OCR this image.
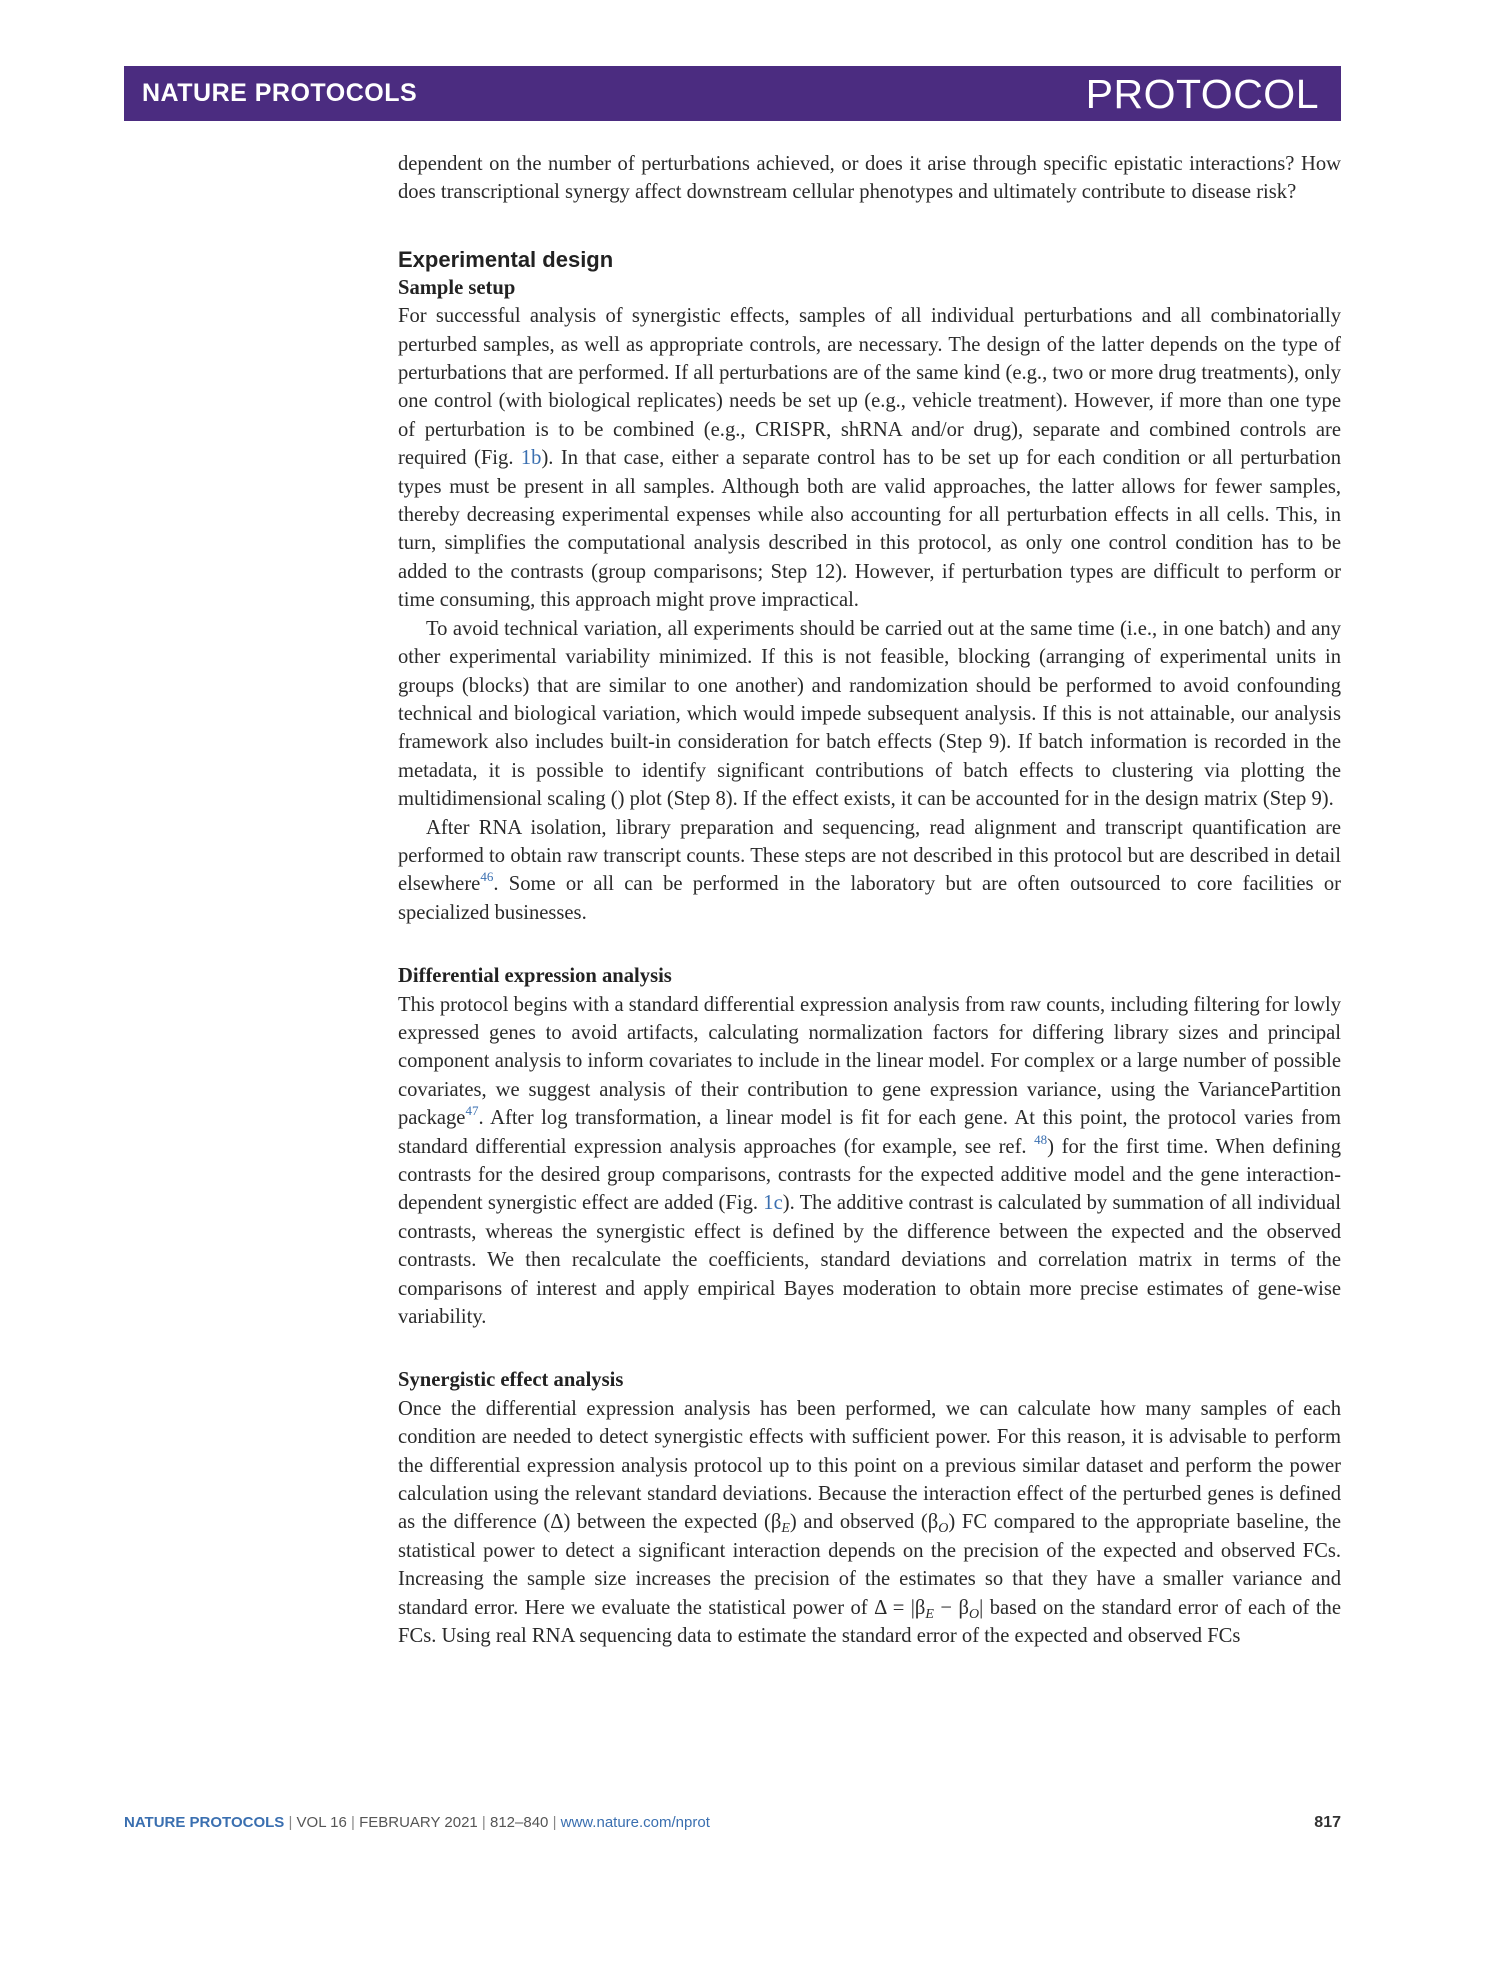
NATURE PROTOCOLS	PROTOCOL

dependent on the number of perturbations achieved, or does it arise through specific epistatic interactions? How does transcriptional synergy affect downstream cellular phenotypes and ultimately contribute to disease risk?

Experimental design
Sample setup

For successful analysis of synergistic effects, samples of all individual perturbations and all combinatorially perturbed samples, as well as appropriate controls, are necessary. The design of the latter depends on the type of perturbations that are performed. If all perturbations are of the same kind (e.g., two or more drug treatments), only one control (with biological replicates) needs be set up (e.g., vehicle treatment). However, if more than one type of perturbation is to be combined (e.g., CRISPR, shRNA and/or drug), separate and combined controls are required (Fig. 1b). In that case, either a separate control has to be set up for each condition or all perturbation types must be present in all samples. Although both are valid approaches, the latter allows for fewer samples, thereby decreasing experimental expenses while also accounting for all perturbation effects in all cells. This, in turn, simplifies the computational analysis described in this protocol, as only one control condition has to be added to the contrasts (group comparisons; Step 12). However, if perturbation types are difficult to perform or time consuming, this approach might prove impractical.

To avoid technical variation, all experiments should be carried out at the same time (i.e., in one batch) and any other experimental variability minimized. If this is not feasible, blocking (arranging of experimental units in groups (blocks) that are similar to one another) and randomization should be performed to avoid confounding technical and biological variation, which would impede subsequent analysis. If this is not attainable, our analysis framework also includes built-in consideration for batch effects (Step 9). If batch information is recorded in the metadata, it is possible to identify significant contributions of batch effects to clustering via plotting the multidimensional scaling () plot (Step 8). If the effect exists, it can be accounted for in the design matrix (Step 9).

After RNA isolation, library preparation and sequencing, read alignment and transcript quantification are performed to obtain raw transcript counts. These steps are not described in this protocol but are described in detail elsewhere$^{46}$. Some or all can be performed in the laboratory but are often outsourced to core facilities or specialized businesses.

Differential expression analysis

This protocol begins with a standard differential expression analysis from raw counts, including filtering for lowly expressed genes to avoid artifacts, calculating normalization factors for differing library sizes and principal component analysis to inform covariates to include in the linear model. For complex or a large number of possible covariates, we suggest analysis of their contribution to gene expression variance, using the VariancePartition package$^{47}$. After log transformation, a linear model is fit for each gene. At this point, the protocol varies from standard differential expression analysis approaches (for example, see ref. $^{48}$) for the first time. When defining contrasts for the desired group comparisons, contrasts for the expected additive model and the gene interaction-dependent synergistic effect are added (Fig. 1c). The additive contrast is calculated by summation of all individual contrasts, whereas the synergistic effect is defined by the difference between the expected and the observed contrasts. We then recalculate the coefficients, standard deviations and correlation matrix in terms of the comparisons of interest and apply empirical Bayes moderation to obtain more precise estimates of gene-wise variability.

Synergistic effect analysis

Once the differential expression analysis has been performed, we can calculate how many samples of each condition are needed to detect synergistic effects with sufficient power. For this reason, it is advisable to perform the differential expression analysis protocol up to this point on a previous similar dataset and perform the power calculation using the relevant standard deviations. Because the interaction effect of the perturbed genes is defined as the difference (Δ) between the expected $(\beta_E)$ and observed $(\beta_O)$ FC compared to the appropriate baseline, the statistical power to detect a significant interaction depends on the precision of the expected and observed FCs. Increasing the sample size increases the precision of the estimates so that they have a smaller variance and standard error. Here we evaluate the statistical power of $\Delta = |\beta_E - \beta_O|$ based on the standard error of each of the FCs. Using real RNA sequencing data to estimate the standard error of the expected and observed FCs

NATURE PROTOCOLS | VOL 16 | FEBRUARY 2021 | 812–840 | www.nature.com/nprot	817
